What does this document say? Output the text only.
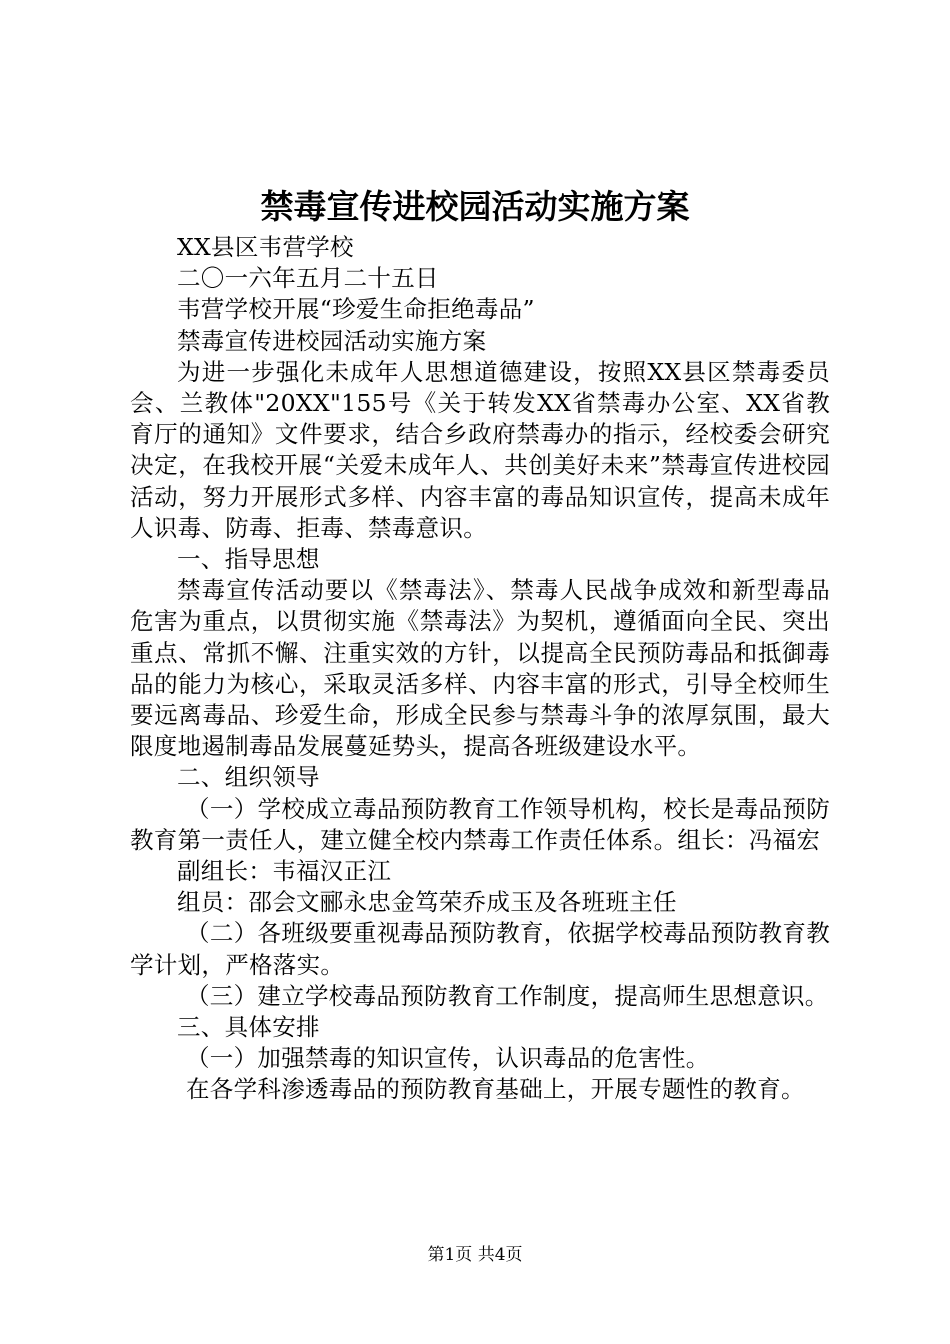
禁毒宣传进校园活动实施方案

XX县区韦营学校

二〇一六年五月二十五日

韦营学校开展“珍爱生命拒绝毒品”

禁毒宣传进校园活动实施方案

为进一步强化未成年人思想道德建设，按照XX县区禁毒委员会、兰教体"20XX"155号《关于转发XX省禁毒办公室、XX省教育厅的通知》文件要求，结合乡政府禁毒办的指示，经校委会研究决定，在我校开展“关爱未成年人、共创美好未来”禁毒宣传进校园活动，努力开展形式多样、内容丰富的毒品知识宣传，提高未成年人识毒、防毒、拒毒、禁毒意识。

一、指导思想

禁毒宣传活动要以《禁毒法》、禁毒人民战争成效和新型毒品危害为重点，以贯彻实施《禁毒法》为契机，遵循面向全民、突出重点、常抓不懈、注重实效的方针，以提高全民预防毒品和抵御毒品的能力为核心，采取灵活多样、内容丰富的形式，引导全校师生要远离毒品、珍爱生命，形成全民参与禁毒斗争的浓厚氛围，最大限度地遏制毒品发展蔓延势头，提高各班级建设水平。

二、组织领导

（一）学校成立毒品预防教育工作领导机构，校长是毒品预防教育第一责任人，建立健全校内禁毒工作责任体系。组长：冯福宏

副组长：韦福汉正江

组员：邵会文郦永忠金笃荣乔成玉及各班班主任

（二）各班级要重视毒品预防教育，依据学校毒品预防教育教学计划，严格落实。

（三）建立学校毒品预防教育工作制度，提高师生思想意识。

三、具体安排

（一）加强禁毒的知识宣传，认识毒品的危害性。

在各学科渗透毒品的预防教育基础上，开展专题性的教育。

第1页 共4页
